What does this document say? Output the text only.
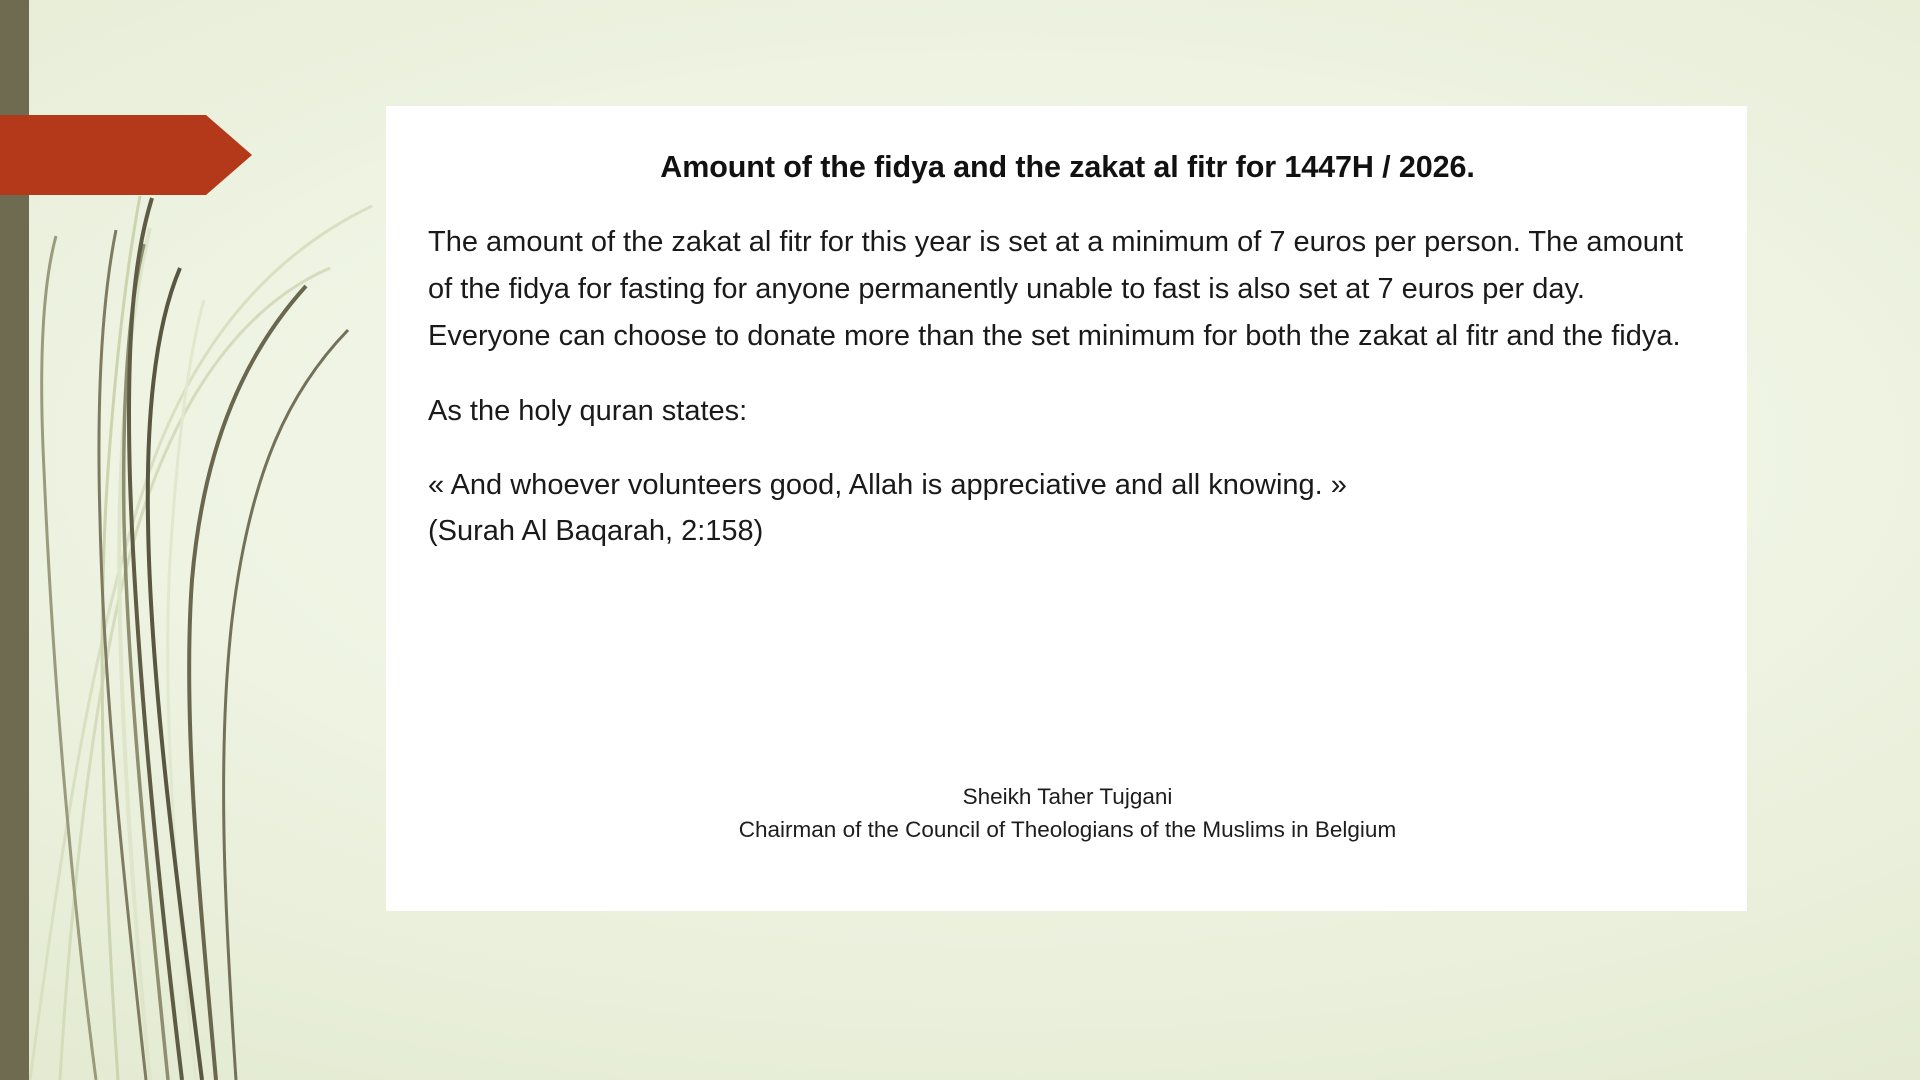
Amount of the fidya and the zakat al fitr for 1447H / 2026.

The amount of the zakat al fitr for this year is set at a minimum of 7 euros per person. The amount of the fidya for fasting for anyone permanently unable to fast is also set at 7 euros per day. Everyone can choose to donate more than the set minimum for both the zakat al fitr and the fidya.

As the holy quran states:

« And whoever volunteers good, Allah is appreciative and all knowing. »
(Surah Al Baqarah, 2:158)

Sheikh Taher Tujgani
Chairman of the Council of Theologians of the Muslims in Belgium
